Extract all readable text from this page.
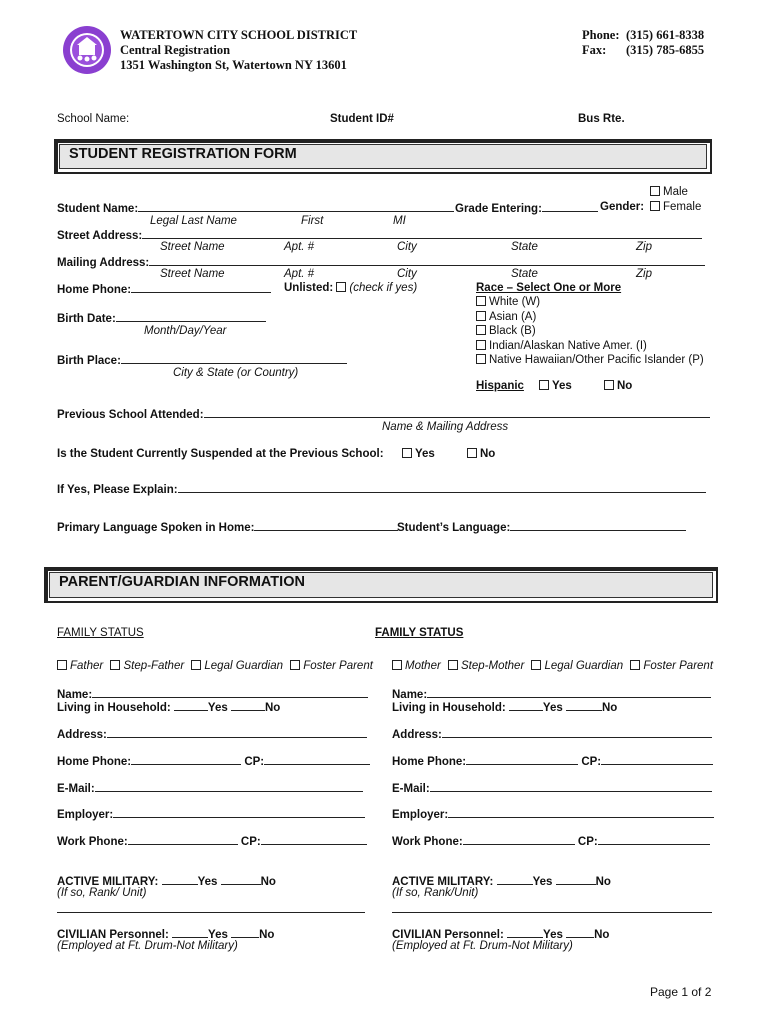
WATERTOWN CITY SCHOOL DISTRICT
Central Registration
1351 Washington St, Watertown NY 13601
Phone: (315) 661-8338
Fax: (315) 785-6855
School Name:	Student ID#	Bus Rte.
STUDENT REGISTRATION FORM
Male
Student Name:	Grade Entering:	Gender:	Female
Legal Last Name	First	MI
Street Address:
Street Name	Apt. #	City	State	Zip
Mailing Address:
Street Name	Apt. #	City	State	Zip
Home Phone:	Unlisted: (check if yes)	Race – Select One or More
White (W)
Asian (A)
Black (B)
Indian/Alaskan Native Amer. (I)
Native Hawaiian/Other Pacific Islander (P)
Birth Date:
Month/Day/Year
Birth Place:
City & State (or Country)
Hispanic	Yes	No
Previous School Attended:
Name & Mailing Address
Is the Student Currently Suspended at the Previous School:	Yes	No
If Yes, Please Explain:
Primary Language Spoken in Home:	Student’s Language:
PARENT/GUARDIAN INFORMATION
FAMILY STATUS	FAMILY STATUS
Father Step-Father Legal Guardian Foster Parent	Mother Step-Mother Legal Guardian Foster Parent
Name:
Living in Household:	Yes	No
Address:
Home Phone:	CP:
E-Mail:
Employer:
Work Phone:	CP:
ACTIVE MILITARY:	Yes	No
(If so, Rank/ Unit)
CIVILIAN Personnel:	Yes	No
(Employed at Ft. Drum-Not Military)
Name:
Living in Household:	Yes	No
Address:
Home Phone:	CP:
E-Mail:
Employer:
Work Phone:	CP:
ACTIVE MILITARY:	Yes	No
(If so, Rank/Unit)
CIVILIAN Personnel:	Yes	No
(Employed at Ft. Drum-Not Military)
Page 1 of 2
